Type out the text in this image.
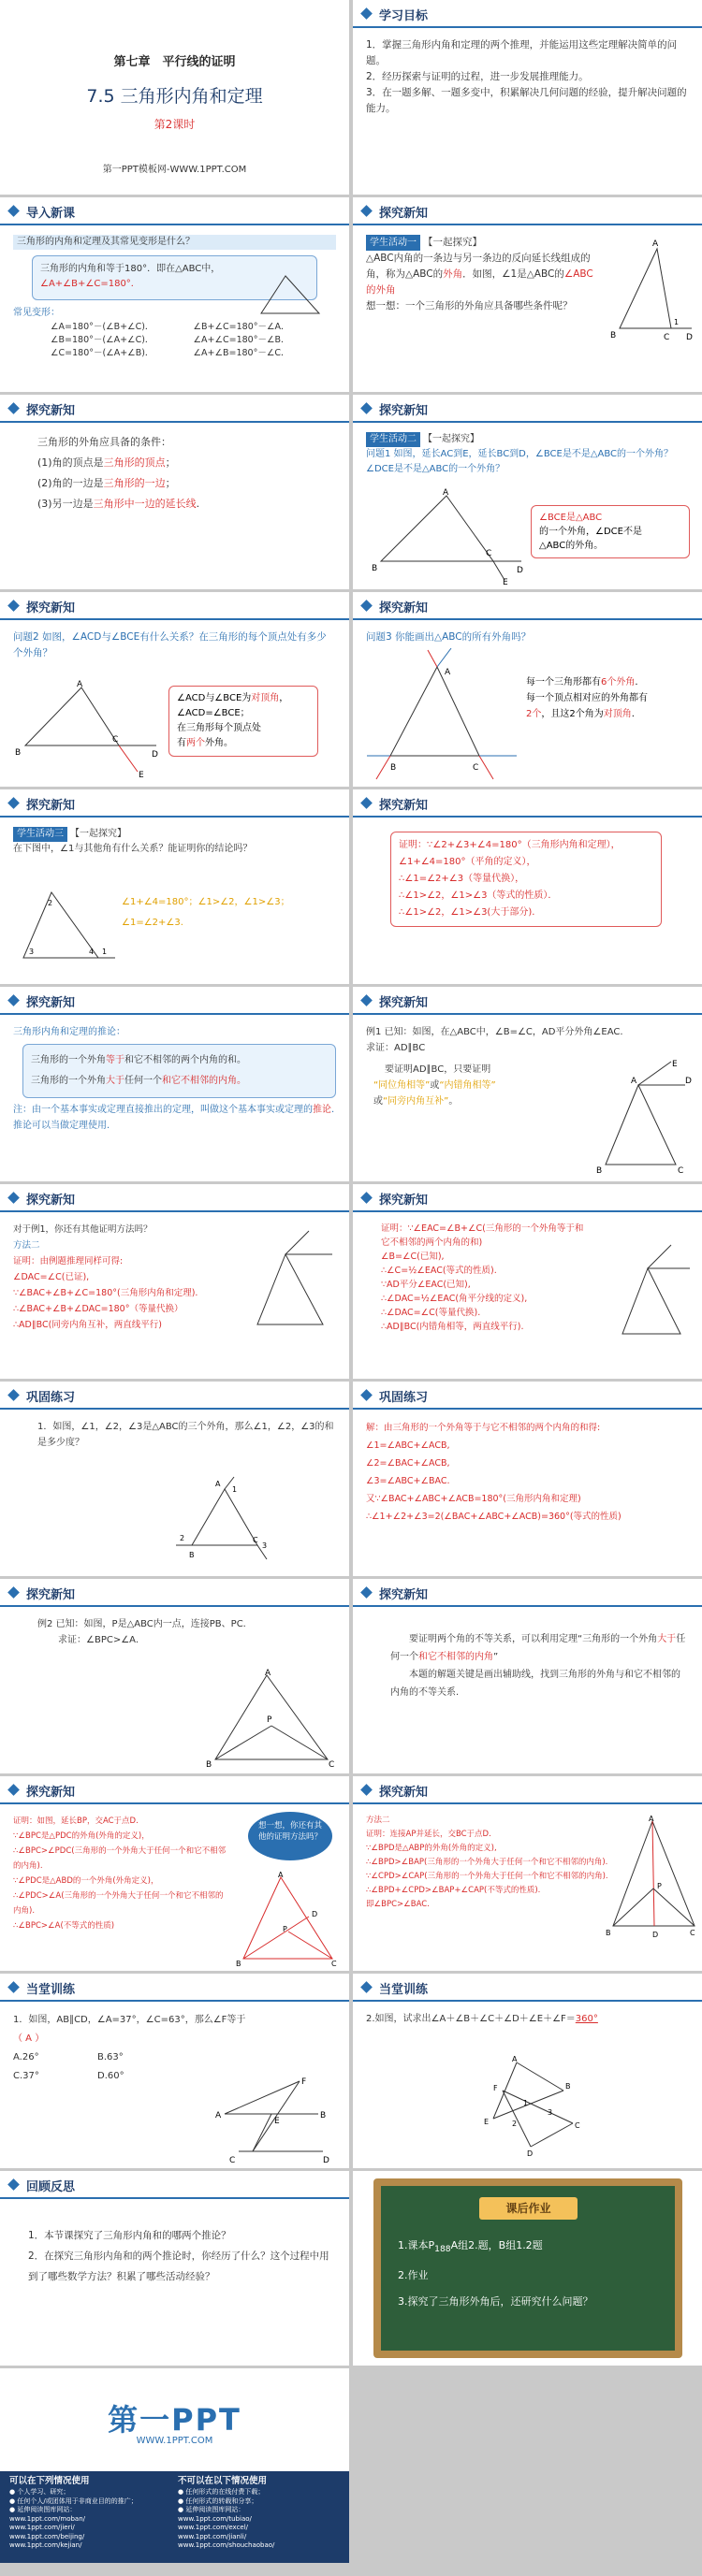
第七章　平行线的证明
7.5 三角形内角和定理
第2课时
第一PPT模板网-WWW.1PPT.COM
学习目标
1．掌握三角形内角和定理的两个推理，并能运用这些定理解决简单的问题。
2．经历探索与证明的过程，进一步发展推理能力。
3．在一题多解、一题多变中，积累解决几何问题的经验，提升解决问题的能力。
导入新课
三角形的内角和定理及其常见变形是什么？
三角形的内角和等于180°．即在△ABC中，
∠A+∠B+∠C=180°．
常见变形：
∠A=180°－(∠B+∠C)．	∠B+∠C=180°－∠A．
∠B=180°－(∠A+∠C)．	∠A+∠C=180°－∠B．
∠C=180°－(∠A+∠B)．	∠A+∠B=180°－∠C．
探究新知
学生活动一 【一起探究】
△ABC内角的一条边与另一条边的反向延长线组成的角，称为△ABC的外角．如图，∠1是△ABC的∠ABC的外角
想一想：一个三角形的外角应具备哪些条件呢？
A
B	C D
1
探究新知
三角形的外角应具备的条件：
(1)角的顶点是三角形的顶点；
(2)角的一边是三角形的一边；
(3)另一边是三角形中一边的延长线.
探究新知
学生活动二 【一起探究】
问题1 如图，延长AC到E，延长BC到D，∠BCE是不是△ABC的一个外角？∠DCE是不是△ABC的一个外角？
∠BCE是△ABC
的一个外角，∠DCE不是
△ABC的外角。
A
B
C
D
E
探究新知
问题2 如图，∠ACD与∠BCE有什么关系？在三角形的每个顶点处有多少个外角？
∠ACD与∠BCE为对顶角，∠ACD=∠BCE；
在三角形每个顶点处
有两个外角。
A
B
C
D
E
探究新知
问题3 你能画出△ABC的所有外角吗？
每一个三角形都有6个外角.
每一个顶点相对应的外角都有
2个，且这2个角为对顶角.
A
B	C
探究新知
学生活动三 【一起探究】
在下图中，∠1与其他角有什么关系？能证明你的结论吗？
∠1+∠4=180°；∠1>∠2，∠1>∠3；
∠1=∠2+∠3.
2
3	4 1
探究新知
证明：∵∠2+∠3+∠4=180°（三角形内角和定理），
∠1+∠4=180°（平角的定义），
∴∠1=∠2+∠3（等量代换），
∴∠1>∠2，∠1>∠3（等式的性质）．
∴∠1>∠2，∠1>∠3(大于部分).
探究新知
三角形内角和定理的推论：
三角形的一个外角等于和它不相邻的两个内角的和。
三角形的一个外角大于任何一个和它不相邻的内角。
注：由一个基本事实或定理直接推出的定理，叫做这个基本事实或定理的推论.推论可以当做定理使用.
探究新知
例1 已知：如图，在△ABC中，∠B=∠C，AD平分外角∠EAC.
求证：AD∥BC
要证明AD∥BC，只要证明
“同位角相等”或“内错角相等”
或“同旁内角互补”。
A
B	C
D
E
探究新知
对于例1，你还有其他证明方法吗？
方法二
证明：由例题推理同样可得:
∠DAC=∠C(已证),
∵∠BAC+∠B+∠C=180°(三角形内角和定理).
∴∠BAC+∠B+∠DAC=180°（等量代换）
∴AD∥BC(同旁内角互补，两直线平行)
探究新知
证明：∵∠EAC=∠B+∠C(三角形的一个外角等于和
它不相邻的两个内角的和)
∠B=∠C(已知),
∴∠C=½∠EAC(等式的性质).
∵AD平分∠EAC(已知),
∴∠DAC=½∠EAC(角平分线的定义),
∴∠DAC=∠C(等量代换).
∴AD∥BC(内错角相等，两直线平行).
巩固练习
1．如图，∠1，∠2，∠3是△ABC的三个外角，那么∠1，∠2，∠3的和是多少度？
A
B
C
1
2
3
巩固练习
解：由三角形的一个外角等于与它不相邻的两个内角的和得:
∠1=∠ABC+∠ACB,
∠2=∠BAC+∠ACB,
∠3=∠ABC+∠BAC.
又∵∠BAC+∠ABC+∠ACB=180°(三角形内角和定理)
∴∠1+∠2+∠3=2(∠BAC+∠ABC+∠ACB)=360°(等式的性质)
探究新知
例2 已知：如图，P是△ABC内一点，连接PB、PC.
求证：∠BPC>∠A.
A
B	C
P
探究新知
要证明两个角的不等关系，可以利用定理“三角形的一个外角大于任何一个和它不相邻的内角”
本题的解题关键是画出辅助线，找到三角形的外角与和它不相邻的内角的不等关系.
探究新知
证明：如图，延长BP，交AC于点D.
∵∠BPC是△PDC的外角(外角的定义)，
∴∠BPC>∠PDC(三角形的一个外角大于任何一个和它不相邻的内角).
∵∠PDC是△ABD的一个外角(外角定义)，
∴∠PDC>∠A(三角形的一个外角大于任何一个和它不相邻的内角).
∴∠BPC>∠A(不等式的性质)
想一想，你还有其他的证明方法吗？
A
B	C
D
P
探究新知
方法二
证明：连接AP并延长，交BC于点D.
∵∠BPD是△ABP的外角(外角的定义),
∴∠BPD>∠BAP(三角形的一个外角大于任何一个和它不相邻的内角).
∵∠CPD>∠CAP(三角形的一个外角大于任何一个和它不相邻的内角).
∴∠BPD+∠CPD>∠BAP+∠CAP(不等式的性质).
即∠BPC>∠BAC.
A
B	C
D
P
当堂训练
1．如图，AB∥CD，∠A=37°，∠C=63°，那么∠F等于
（ A ）
A.26°	B.63°
C.37°	D.60°
A	B
C	D
E
F
当堂训练
2.如图，试求出∠A＋∠B＋∠C＋∠D＋∠E＋∠F＝360°
A
B
C
D
E
F
1
2
3
回顾反思
1．本节课探究了三角形内角和的哪两个推论？
2．在探究三角形内角和的两个推论时，你经历了什么？这个过程中用到了哪些数学方法？积累了哪些活动经验？
课后作业
1.课本$P_{188}A$组2.题，B组1.2题
2.作业
3.探究了三角形外角后，还研究什么问题？
第一PPT
WWW.1PPT.COM
可以在下列情况使用
● 个人学习、研究；
● 任何个人/或团体用于非商业目的的推广；
● 延伸阅读图库网站：
www.1ppt.com/moban/
www.1ppt.com/jieri/
www.1ppt.com/beijing/
www.1ppt.com/kejian/
不可以在以下情况使用
● 任何形式的在线付费下载；
● 任何形式的转载和分享；
● 延伸阅读图库网站：
www.1ppt.com/tubiao/
www.1ppt.com/excel/
www.1ppt.com/jianli/
www.1ppt.com/shouchaobao/
